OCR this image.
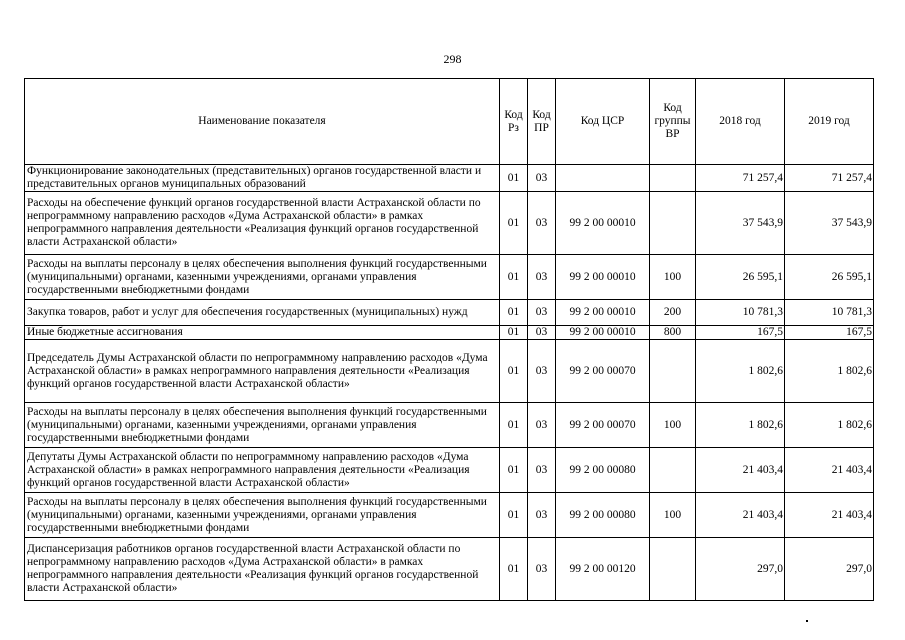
298
Наименование показателя	Код Рз	Код ПР	Код ЦСР	Код группы ВР	2018 год	2019 год
Функционирование законодательных (представительных) органов государственной власти и представительных органов муниципальных образований	01	03			71 257,4	71 257,4
Расходы на обеспечение функций органов государственной власти Астраханской области по непрограммному направлению расходов «Дума Астраханской области» в рамках непрограммного направления деятельности «Реализация функций органов государственной власти Астраханской области»	01	03	99 2 00 00010		37 543,9	37 543,9
Расходы на выплаты персоналу в целях обеспечения выполнения функций государственными (муниципальными) органами, казенными учреждениями, органами управления государственными внебюджетными фондами	01	03	99 2 00 00010	100	26 595,1	26 595,1
Закупка товаров, работ и услуг для обеспечения государственных (муниципальных) нужд	01	03	99 2 00 00010	200	10 781,3	10 781,3
Иные бюджетные ассигнования	01	03	99 2 00 00010	800	167,5	167,5
Председатель Думы Астраханской области по непрограммному направлению расходов «Дума Астраханской области» в рамках непрограммного направления деятельности «Реализация функций органов государственной власти Астраханской области»	01	03	99 2 00 00070		1 802,6	1 802,6
Расходы на выплаты персоналу в целях обеспечения выполнения функций государственными (муниципальными) органами, казенными учреждениями, органами управления государственными внебюджетными фондами	01	03	99 2 00 00070	100	1 802,6	1 802,6
Депутаты Думы Астраханской области по непрограммному направлению расходов «Дума Астраханской области» в рамках непрограммного направления деятельности «Реализация функций органов государственной власти Астраханской области»	01	03	99 2 00 00080		21 403,4	21 403,4
Расходы на выплаты персоналу в целях обеспечения выполнения функций государственными (муниципальными) органами, казенными учреждениями, органами управления государственными внебюджетными фондами	01	03	99 2 00 00080	100	21 403,4	21 403,4
Диспансеризация работников органов государственной власти Астраханской области по непрограммному направлению расходов «Дума Астраханской области» в рамках непрограммного направления деятельности «Реализация функций органов государственной власти Астраханской области»	01	03	99 2 00 00120		297,0	297,0
